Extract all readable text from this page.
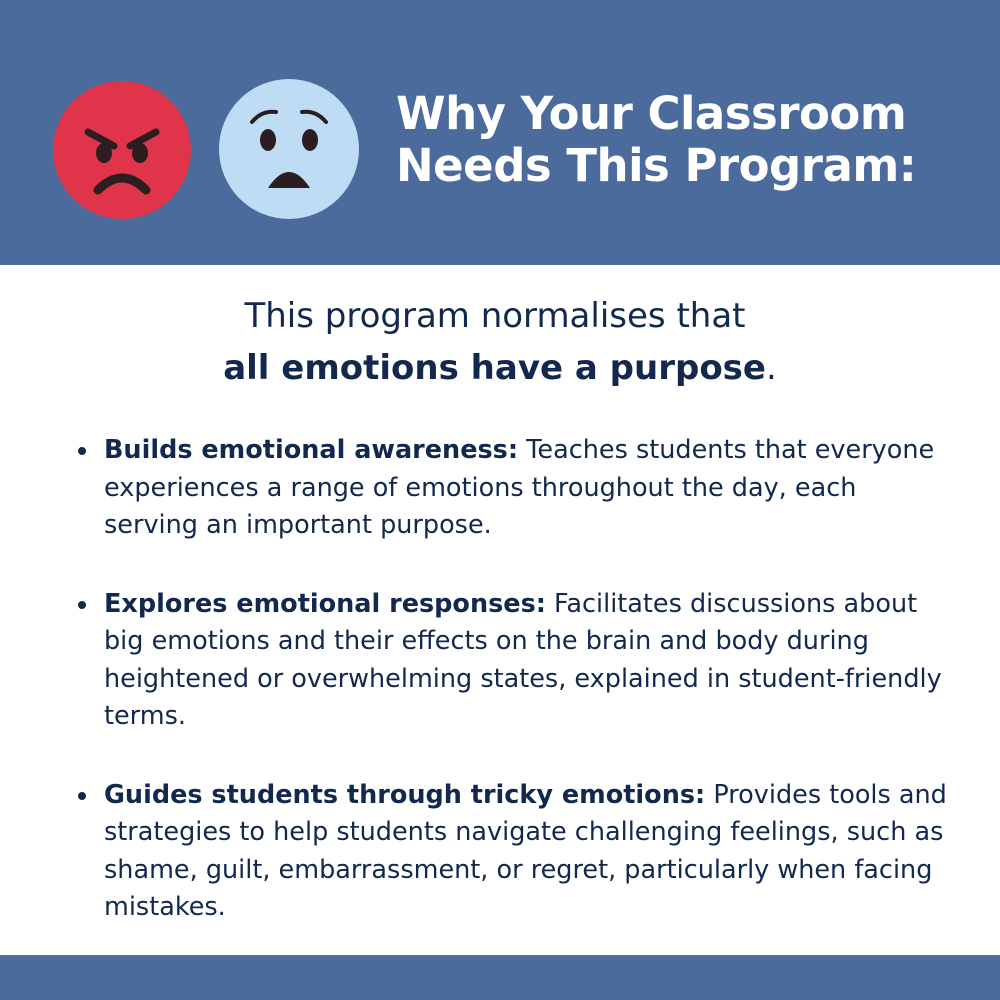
Why Your Classroom
Needs This Program:
This program normalises that
all emotions have a purpose.
Builds emotional awareness: Teaches students that everyone experiences a range of emotions throughout the day, each serving an important purpose.
Explores emotional responses: Facilitates discussions about big emotions and their effects on the brain and body during heightened or overwhelming states, explained in student-friendly terms.
Guides students through tricky emotions: Provides tools and strategies to help students navigate challenging feelings, such as shame, guilt, embarrassment, or regret, particularly when facing mistakes.
